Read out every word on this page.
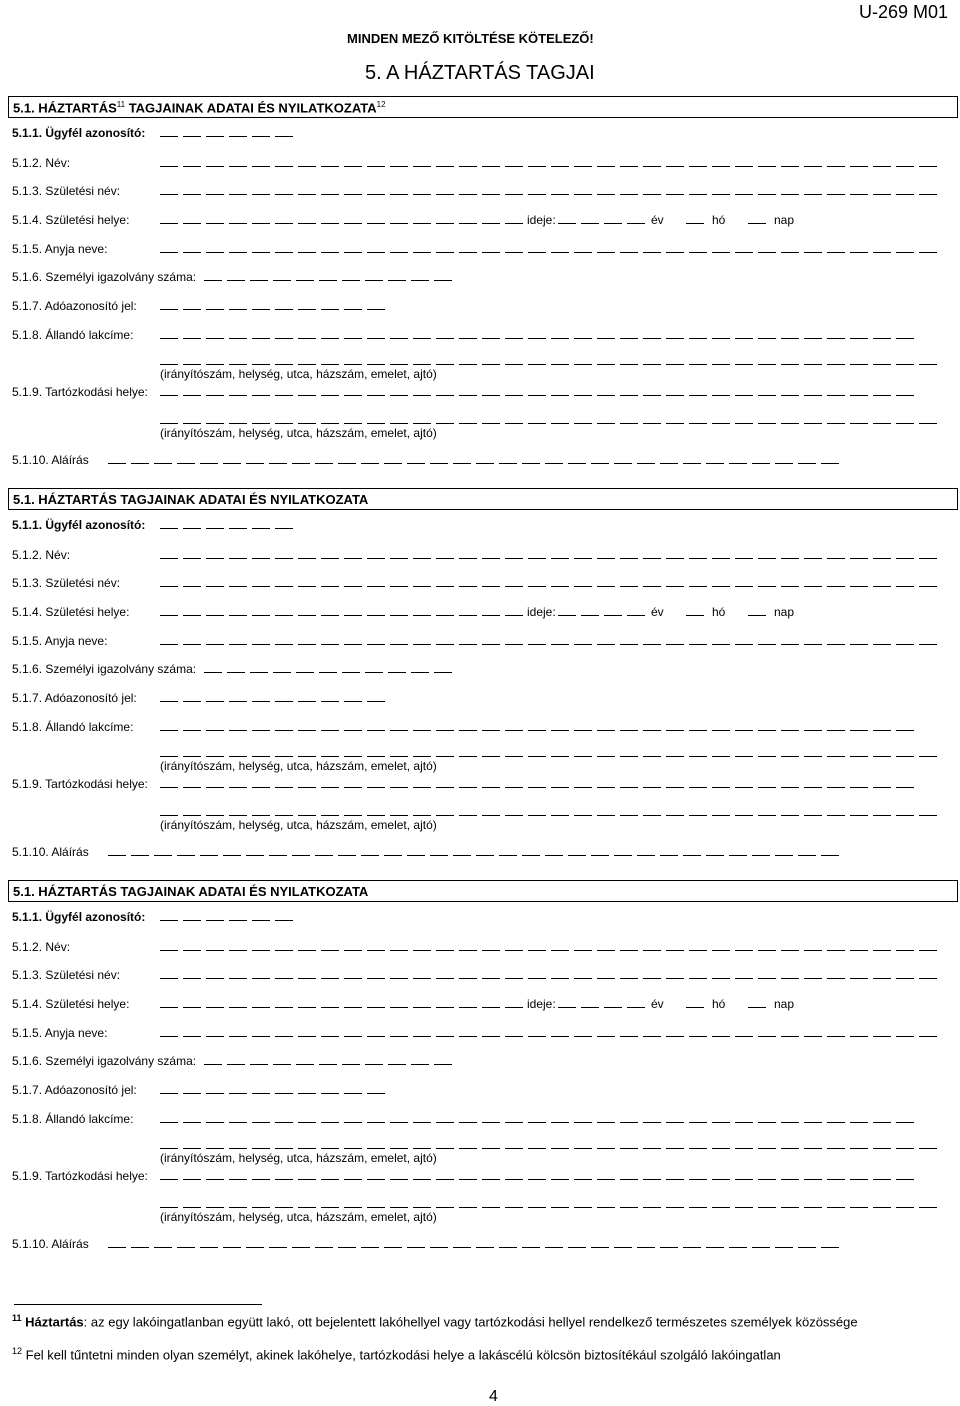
U-269 M01
MINDEN MEZŐ KITÖLTÉSE KÖTELEZŐ!
5. A HÁZTARTÁS TAGJAI
5.1. HÁZTARTÁS$^{11}$ TAGJAINAK ADATAI ÉS NYILATKOZATA$^{12}$
5.1.1. Ügyfél azonosító:
5.1.2. Név:
5.1.3. Születési név:
5.1.4. Születési helye:	ideje:	év	hó	nap
5.1.5. Anyja neve:
5.1.6. Személyi igazolvány száma:
5.1.7. Adóazonosító jel:
5.1.8. Állandó lakcíme:
(irányítószám, helység, utca, házszám, emelet, ajtó)
5.1.9. Tartózkodási helye:
(irányítószám, helység, utca, házszám, emelet, ajtó)
5.1.10. Aláírás
5.1. HÁZTARTÁS TAGJAINAK ADATAI ÉS NYILATKOZATA
5.1.1. Ügyfél azonosító:
5.1.2. Név:
5.1.3. Születési név:
5.1.4. Születési helye:	ideje:	év	hó	nap
5.1.5. Anyja neve:
5.1.6. Személyi igazolvány száma:
5.1.7. Adóazonosító jel:
5.1.8. Állandó lakcíme:
(irányítószám, helység, utca, házszám, emelet, ajtó)
5.1.9. Tartózkodási helye:
(irányítószám, helység, utca, házszám, emelet, ajtó)
5.1.10. Aláírás
5.1. HÁZTARTÁS TAGJAINAK ADATAI ÉS NYILATKOZATA
5.1.1. Ügyfél azonosító:
5.1.2. Név:
5.1.3. Születési név:
5.1.4. Születési helye:	ideje:	év	hó	nap
5.1.5. Anyja neve:
5.1.6. Személyi igazolvány száma:
5.1.7. Adóazonosító jel:
5.1.8. Állandó lakcíme:
(irányítószám, helység, utca, házszám, emelet, ajtó)
5.1.9. Tartózkodási helye:
(irányítószám, helység, utca, házszám, emelet, ajtó)
5.1.10. Aláírás
$^{11}$ Háztartás: az egy lakóingatlanban együtt lakó, ott bejelentett lakóhellyel vagy tartózkodási hellyel rendelkező természetes személyek közössége
$^{12}$ Fel kell tűntetni minden olyan személyt, akinek lakóhelye, tartózkodási helye a lakáscélú kölcsön biztosítékául szolgáló lakóingatlan
4
